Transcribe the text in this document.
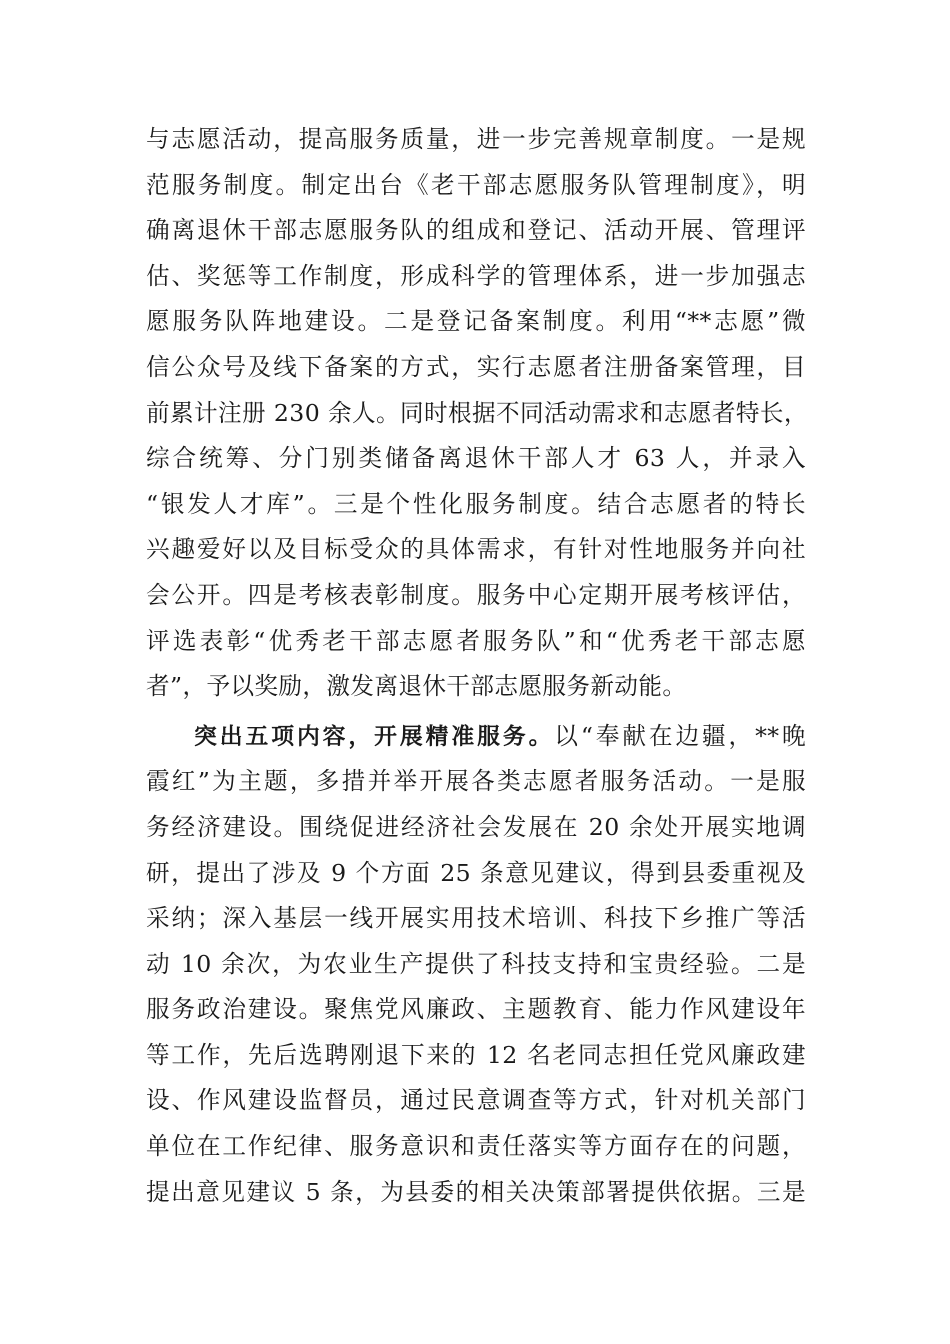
与志愿活动，提高服务质量，进一步完善规章制度。一是规
范服务制度。制定出台《老干部志愿服务队管理制度》，明
确离退休干部志愿服务队的组成和登记、活动开展、管理评
估、奖惩等工作制度，形成科学的管理体系，进一步加强志
愿服务队阵地建设。二是登记备案制度。利用“**志愿”微
信公众号及线下备案的方式，实行志愿者注册备案管理，目
前累计注册 230 余人。同时根据不同活动需求和志愿者特长，
综合统筹、分门别类储备离退休干部人才 63 人，并录入
“银发人才库”。三是个性化服务制度。结合志愿者的特长
兴趣爱好以及目标受众的具体需求，有针对性地服务并向社
会公开。四是考核表彰制度。服务中心定期开展考核评估，
评选表彰“优秀老干部志愿者服务队”和“优秀老干部志愿
者”，予以奖励，激发离退休干部志愿服务新动能。
突出五项内容，开展精准服务。以“奉献在边疆，**晚
霞红”为主题，多措并举开展各类志愿者服务活动。一是服
务经济建设。围绕促进经济社会发展在 20 余处开展实地调
研，提出了涉及 9 个方面 25 条意见建议，得到县委重视及
采纳；深入基层一线开展实用技术培训、科技下乡推广等活
动 10 余次，为农业生产提供了科技支持和宝贵经验。二是
服务政治建设。聚焦党风廉政、主题教育、能力作风建设年
等工作，先后选聘刚退下来的 12 名老同志担任党风廉政建
设、作风建设监督员，通过民意调查等方式，针对机关部门
单位在工作纪律、服务意识和责任落实等方面存在的问题，
提出意见建议 5 条，为县委的相关决策部署提供依据。三是
